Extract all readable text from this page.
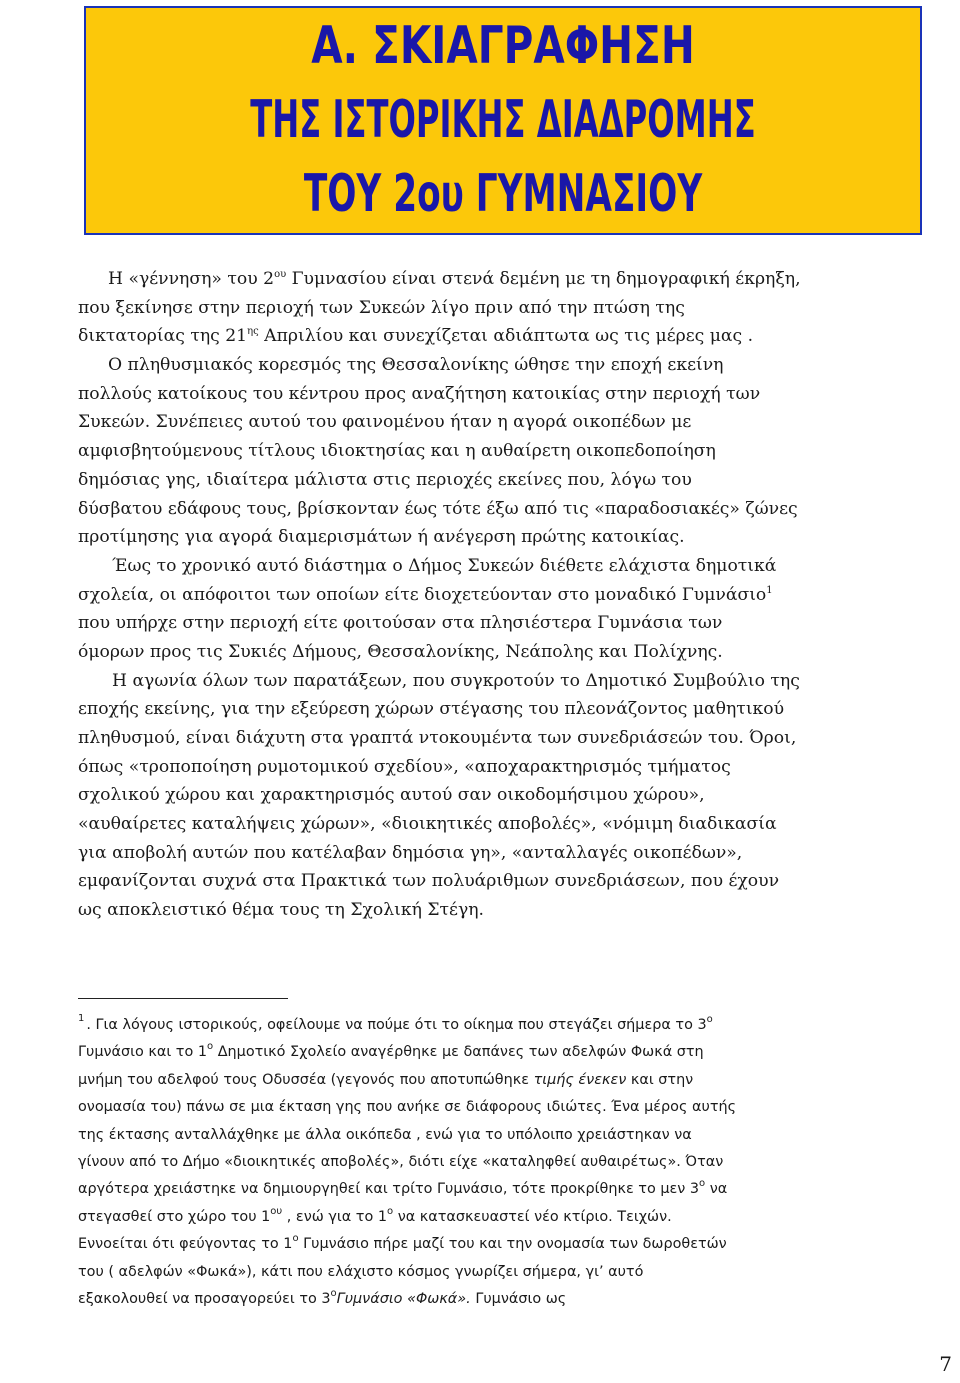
Α. ΣΚΙΑΓΡΑΦΗΣΗ
ΤΗΣ ΙΣΤΟΡΙΚΗΣ ΔΙΑΔΡΟΜΗΣ
ΤΟΥ 2ου ΓΥΜΝΑΣΙΟΥ
Η «γέννηση» του $2^{o\upsilon}$ Γυμνασίου είναι στενά δεμένη με τη δημογραφική έκρηξη,
που ξεκίνησε στην περιοχή των Συκεών λίγο πριν από την πτώση της
δικτατορίας της $21^{\eta\varsigma}$ Απριλίου και συνεχίζεται αδιάπτωτα ως τις μέρες μας .
Ο πληθυσμιακός κορεσμός της Θεσσαλονίκης ώθησε την εποχή εκείνη
πολλούς κατοίκους του κέντρου προς αναζήτηση κατοικίας στην περιοχή των
Συκεών. Συνέπειες αυτού του φαινομένου ήταν η αγορά οικοπέδων με
αμφισβητούμενους τίτλους ιδιοκτησίας και η αυθαίρετη οικοπεδοποίηση
δημόσιας γης, ιδιαίτερα μάλιστα στις περιοχές εκείνες που, λόγω του
δύσβατου εδάφους τους, βρίσκονταν έως τότε έξω από τις «παραδοσιακές» ζώνες
προτίμησης για αγορά διαμερισμάτων ή ανέγερση πρώτης κατοικίας.
Έως το χρονικό αυτό διάστημα ο Δήμος Συκεών διέθετε ελάχιστα δημοτικά
σχολεία, οι απόφοιτοι των οποίων είτε διοχετεύονταν στο μοναδικό Γυμνάσιο$^1$
που υπήρχε στην περιοχή είτε φοιτούσαν στα πλησιέστερα Γυμνάσια των
όμορων προς τις Συκιές Δήμους, Θεσσαλονίκης, Νεάπολης και Πολίχνης.
Η αγωνία όλων των παρατάξεων, που συγκροτούν το Δημοτικό Συμβούλιο της
εποχής εκείνης, για την εξεύρεση χώρων στέγασης του πλεονάζοντος μαθητικού
πληθυσμού, είναι διάχυτη στα γραπτά ντοκουμέντα των συνεδριάσεών του. Όροι,
όπως «τροποποίηση ρυμοτομικού σχεδίου», «αποχαρακτηρισμός τμήματος
σχολικού χώρου και χαρακτηρισμός αυτού σαν οικοδομήσιμου χώρου»,
«αυθαίρετες καταλήψεις χώρων», «διοικητικές αποβολές», «νόμιμη διαδικασία
για αποβολή αυτών που κατέλαβαν δημόσια γη», «ανταλλαγές οικοπέδων»,
εμφανίζονται συχνά στα Πρακτικά των πολυάριθμων συνεδριάσεων, που έχουν
ως αποκλειστικό θέμα τους τη Σχολική Στέγη.
$^1$ . Για λόγους ιστορικούς, οφείλουμε να πούμε ότι το οίκημα που στεγάζει σήμερα το $3^o$
Γυμνάσιο και το $1^o$ Δημοτικό Σχολείο αναγέρθηκε με δαπάνες των αδελφών Φωκά στη
μνήμη του αδελφού τους Οδυσσέα (γεγονός που αποτυπώθηκε τιμής ένεκεν και στην
ονομασία του) πάνω σε μια έκταση γης που ανήκε σε διάφορους ιδιώτες. Ένα μέρος αυτής
της έκτασης ανταλλάχθηκε με άλλα οικόπεδα , ενώ για το υπόλοιπο χρειάστηκαν να
γίνουν από το Δήμο «διοικητικές αποβολές», διότι είχε «καταληφθεί αυθαιρέτως». Όταν
αργότερα χρειάστηκε να δημιουργηθεί και τρίτο Γυμνάσιο, τότε προκρίθηκε το μεν $3^o$ να
στεγασθεί στο χώρο του $1^{o\upsilon}$ , ενώ για το $1^o$ να κατασκευαστεί νέο κτίριο. Τειχών.
Εννοείται ότι φεύγοντας το $1^o$ Γυμνάσιο πήρε μαζί του και την ονομασία των δωροθετών
του ( αδελφών «Φωκά»), κάτι που ελάχιστο κόσμος γνωρίζει σήμερα, γι’ αυτό
εξακολουθεί να προσαγορεύει το $3^o\Gamma\upsilon\mu\nu ά\sigma\iota o$ «Φωκά». Γυμνάσιο ως
7
